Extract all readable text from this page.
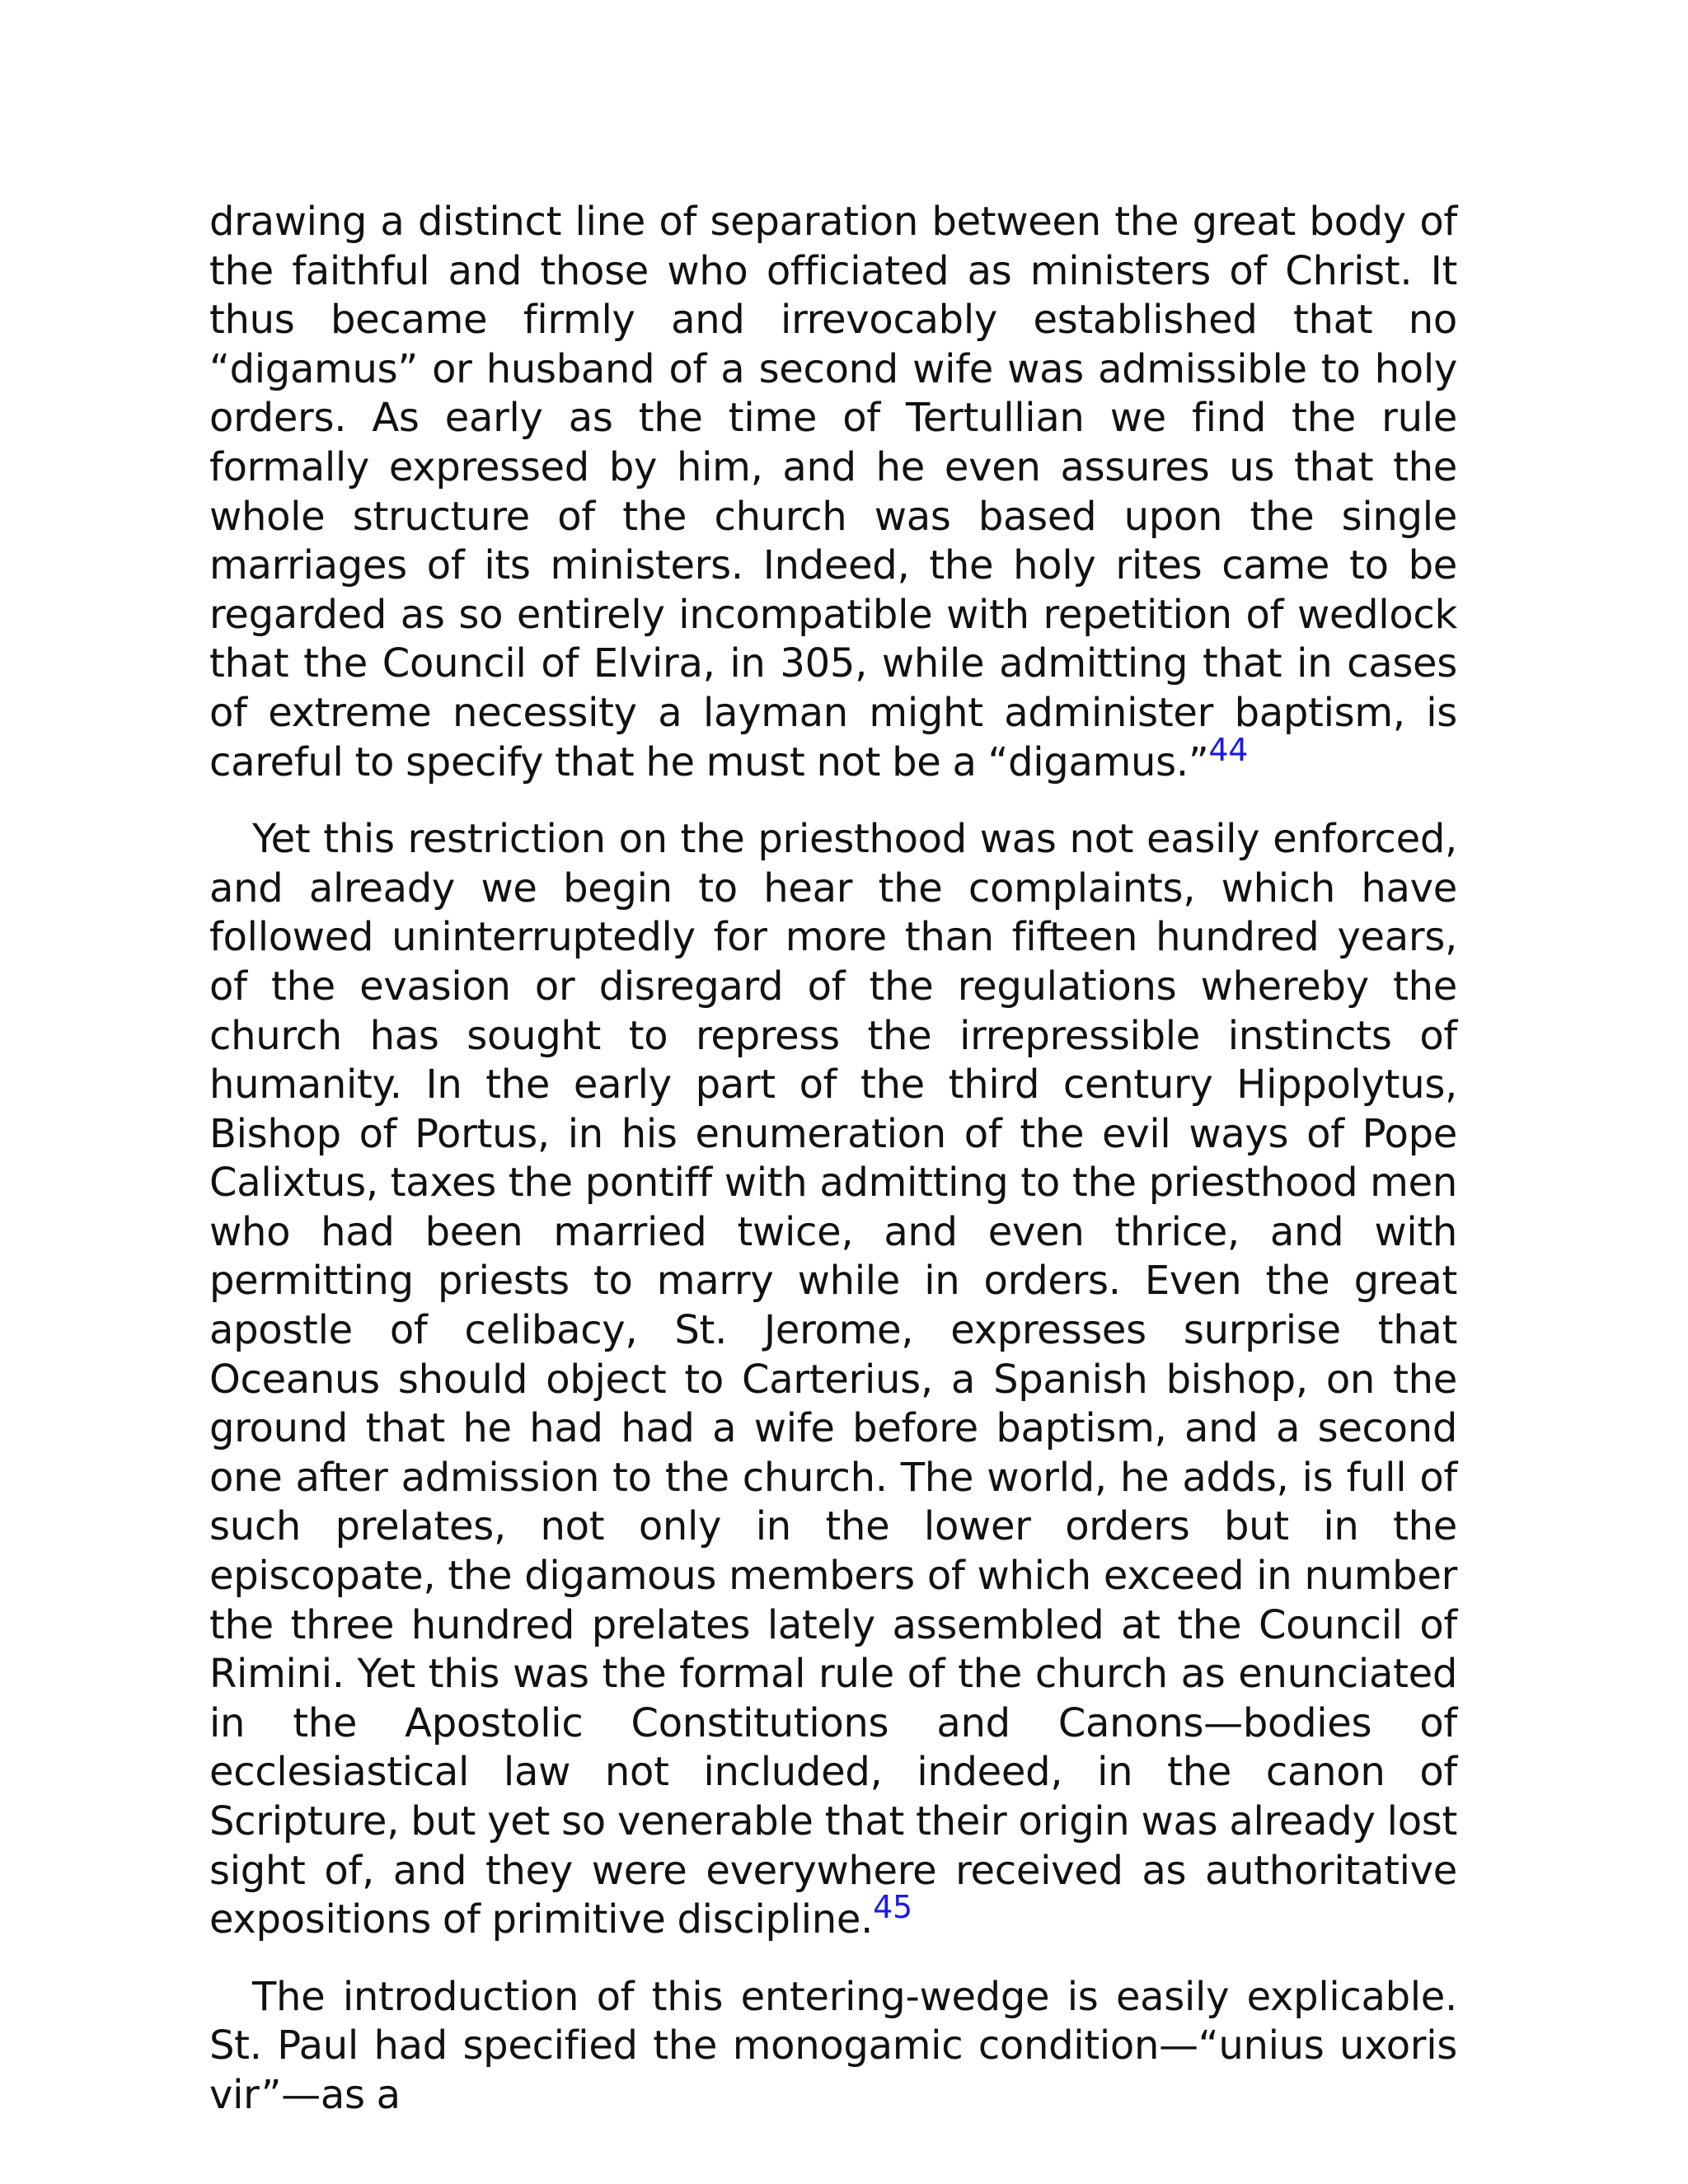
drawing a distinct line of separation between the great body of the faithful and those who officiated as ministers of Christ. It thus became firmly and irrevocably established that no “digamus” or husband of a second wife was admissible to holy orders. As early as the time of Tertullian we find the rule formally expressed by him, and he even assures us that the whole structure of the church was based upon the single marriages of its ministers. Indeed, the holy rites came to be regarded as so entirely incompatible with repetition of wedlock that the Council of Elvira, in 305, while admitting that in cases of extreme necessity a layman might administer baptism, is careful to specify that he must not be a “digamus.”$^{44}$

Yet this restriction on the priesthood was not easily enforced, and already we begin to hear the complaints, which have followed uninterruptedly for more than fifteen hundred years, of the evasion or disregard of the regulations whereby the church has sought to repress the irrepressible instincts of humanity. In the early part of the third century Hippolytus, Bishop of Portus, in his enumeration of the evil ways of Pope Calixtus, taxes the pontiff with admitting to the priesthood men who had been married twice, and even thrice, and with permitting priests to marry while in orders. Even the great apostle of celibacy, St. Jerome, expresses surprise that Oceanus should object to Carterius, a Spanish bishop, on the ground that he had had a wife before baptism, and a second one after admission to the church. The world, he adds, is full of such prelates, not only in the lower orders but in the episcopate, the digamous members of which exceed in number the three hundred prelates lately assembled at the Council of Rimini. Yet this was the formal rule of the church as enunciated in the Apostolic Constitutions and Canons—bodies of ecclesiastical law not included, indeed, in the canon of Scripture, but yet so venerable that their origin was already lost sight of, and they were everywhere received as authoritative expositions of primitive discipline.$^{45}$

The introduction of this entering-wedge is easily explicable. St. Paul had specified the monogamic condition—“unius uxoris vir”—as a
